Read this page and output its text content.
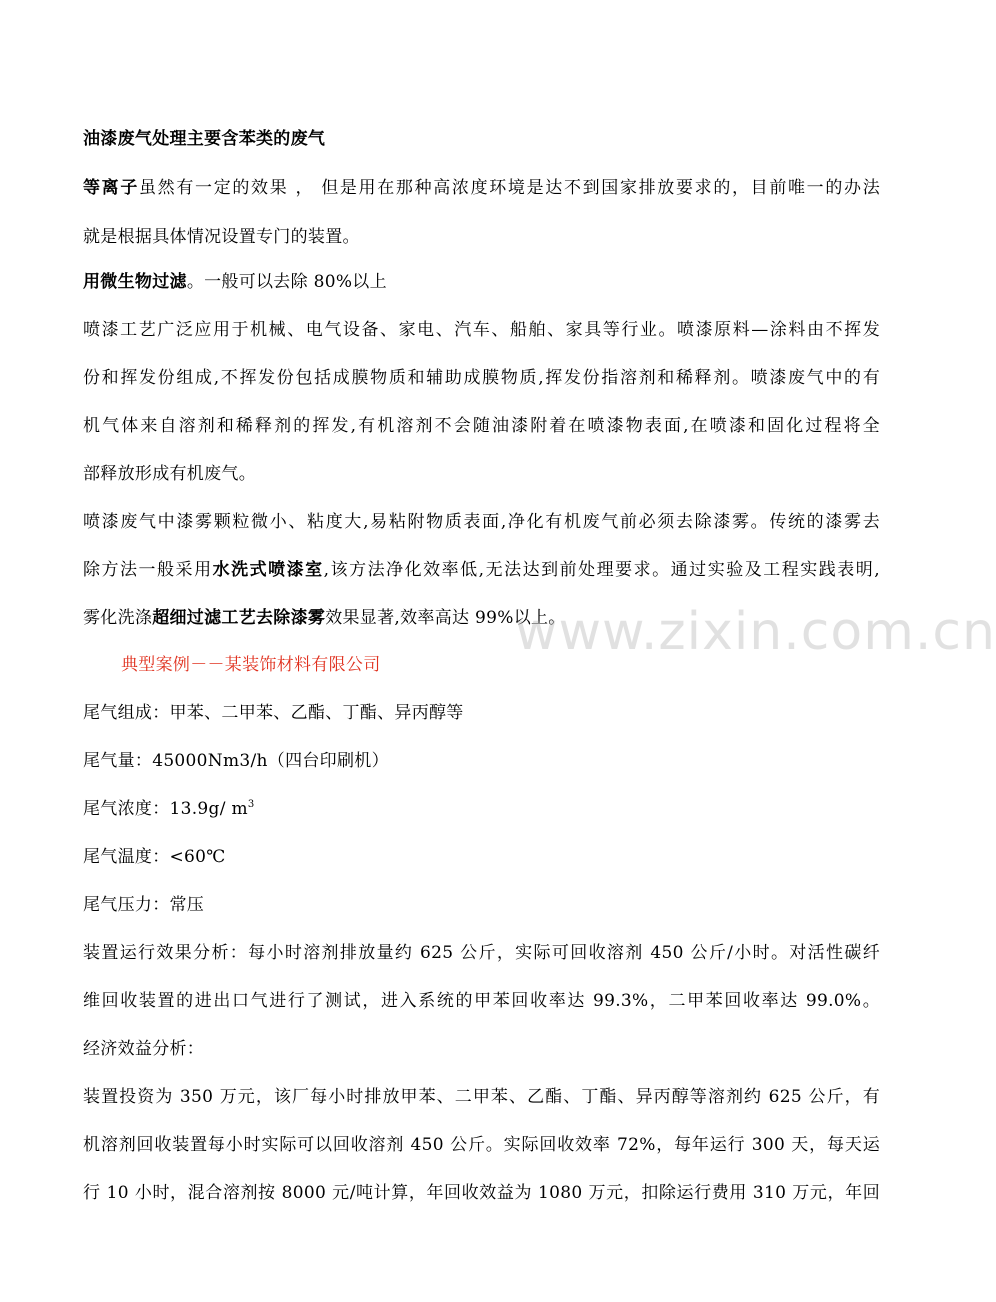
油漆废气处理主要含苯类的废气
等离子虽然有一定的效果 ， 但是用在那种高浓度环境是达不到国家排放要求的，目前唯一的办法
就是根据具体情况设置专门的装置。
用微生物过滤。一般可以去除 80%以上
喷漆工艺广泛应用于机械、电气设备、家电、汽车、船舶、家具等行业。喷漆原料—涂料由不挥发
份和挥发份组成,不挥发份包括成膜物质和辅助成膜物质,挥发份指溶剂和稀释剂。喷漆废气中的有
机气体来自溶剂和稀释剂的挥发,有机溶剂不会随油漆附着在喷漆物表面,在喷漆和固化过程将全
部释放形成有机废气。
喷漆废气中漆雾颗粒微小、粘度大,易粘附物质表面,净化有机废气前必须去除漆雾。传统的漆雾去
除方法一般采用水洗式喷漆室,该方法净化效率低,无法达到前处理要求。通过实验及工程实践表明,
雾化洗涤超细过滤工艺去除漆雾效果显著,效率高达 99%以上。
典型案例－－某装饰材料有限公司
尾气组成：甲苯、二甲苯、乙酯、丁酯、异丙醇等
尾气量：45000Nm3/h（四台印刷机）
尾气浓度：13.9g/ $m^3$
尾气温度：<60℃
尾气压力：常压
装置运行效果分析：每小时溶剂排放量约 625 公斤，实际可回收溶剂 450 公斤/小时。对活性碳纤
维回收装置的进出口气进行了测试，进入系统的甲苯回收率达 99.3%，二甲苯回收率达 99.0%。
经济效益分析：
装置投资为 350 万元，该厂每小时排放甲苯、二甲苯、乙酯、丁酯、异丙醇等溶剂约 625 公斤，有
机溶剂回收装置每小时实际可以回收溶剂 450 公斤。实际回收效率 72%，每年运行 300 天，每天运
行 10 小时，混合溶剂按 8000 元/吨计算，年回收效益为 1080 万元，扣除运行费用 310 万元，年回
www.zixin.com.cn
